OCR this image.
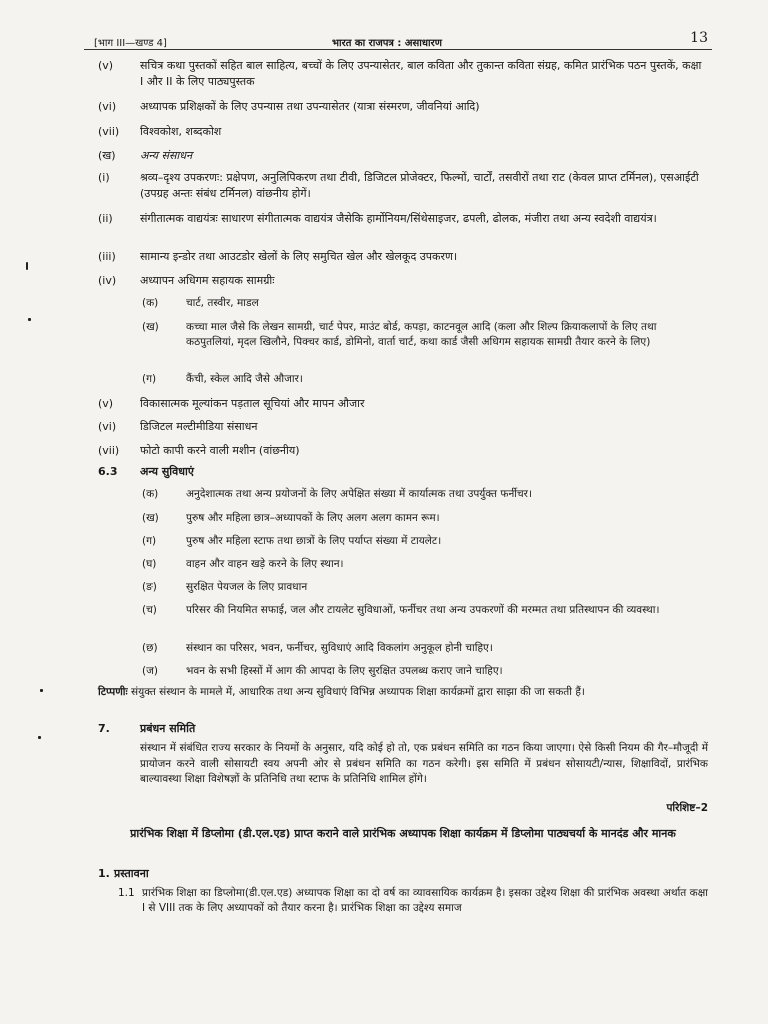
[भाग III—खण्ड 4]	भारत का राजपत्र : असाधारण	13
(v) सचित्र कथा पुस्तकों सहित बाल साहित्य, बच्चों के लिए उपन्यासेतर, बाल कविता और तुकान्त कविता संग्रह, कमित प्रारंभिक पठन पुस्तकें, कक्षा I और II के लिए पाठ्यपुस्तक
(vi) अध्यापक प्रशिक्षकों के लिए उपन्यास तथा उपन्यासेतर (यात्रा संस्मरण, जीवनियां आदि)
(vii) विश्वकोश, शब्दकोश
(ख) अन्य संसाधन
(i)	श्रव्य–दृश्य उपकरणः: प्रक्षेपण, अनुलिपिकरण तथा टीवी, डिजिटल प्रोजेक्टर, फिल्मों, चार्टों, तसवीरों तथा राट (केवल प्राप्त टर्मिनल), एसआईटी (उपग्रह अन्तः संबंध टर्मिनल) वांछनीय होगें।
(ii) संगीतात्मक वाद्ययंत्रः साधारण संगीतात्मक वाद्ययंत्र जैसेकि हार्मोनियम/सिंथेसाइजर, ढपली, ढोलक, मंजीरा तथा अन्य स्वदेशी वाद्ययंत्र।
(iii) सामान्य इन्डोर तथा आउटडोर खेलों के लिए समुचित खेल और खेलकूद उपकरण।
(iv) अध्यापन अधिगम सहायक सामग्रीः
(क)	चार्ट, तस्वीर, माडल
(ख)	कच्चा माल जैसे कि लेखन सामग्री, चार्ट पेपर, माउंट बोर्ड, कपड़ा, काटनवूल आदि (कला और शिल्प क्रियाकलापों के लिए तथा कठपुतलियां, मृदल खिलौने, पिक्चर कार्ड, डोमिनो, वार्ता चार्ट, कथा कार्ड जैसी अधिगम सहायक सामग्री तैयार करने के लिए)
(ग)	कैंची, स्केल आदि जैसे औजार।
(v) विकासात्मक मूल्यांकन पड़ताल सूचियां और मापन औजार
(vi) डिजिटल मल्टीमीडिया संसाधन
(vii) फोटो कापी करने वाली मशीन (वांछनीय)
6.3 अन्य सुविधाएं
(क)	अनुदेशात्मक तथा अन्य प्रयोजनों के लिए अपेक्षित संख्या में कार्यात्मक तथा उपर्युक्त फर्नीचर।
(ख)	पुरुष और महिला छात्र–अध्यापकों के लिए अलग अलग कामन रूम।
(ग)	पुरुष और महिला स्टाफ तथा छात्रों के लिए पर्याप्त संख्या में टायलेट।
(घ)	वाहन और वाहन खड़े करने के लिए स्थान।
(ङ)	सुरक्षित पेयजल के लिए प्रावधान
(च)	परिसर की नियमित सफाई, जल और टायलेट सुविधाओं, फर्नीचर तथा अन्य उपकरणों की मरम्मत तथा प्रतिस्थापन की व्यवस्था।
(छ)	संस्थान का परिसर, भवन, फर्नीचर, सुविधाएं आदि विकलांग अनुकूल होनी चाहिए।
(ज)	भवन के सभी हिस्सों में आग की आपदा के लिए सुरक्षित उपलब्ध कराए जाने चाहिए।
टिप्पणीः संयुक्त संस्थान के मामले में, आधारिक तथा अन्य सुविधाएं विभिन्न अध्यापक शिक्षा कार्यक्रमों द्वारा साझा की जा सकती हैं।
7.	प्रबंधन समिति
संस्थान में संबंधित राज्य सरकार के नियमों के अनुसार, यदि कोई हो तो, एक प्रबंधन समिति का गठन किया जाएगा। ऐसे किसी नियम की गैर–मौजूदी में प्रायोजन करने वाली सोसायटी स्वय अपनी ओर से प्रबंधन समिति का गठन करेगी। इस समिति में प्रबंधन सोसायटी/न्यास, शिक्षाविदों, प्रारंभिक बाल्यावस्था शिक्षा विशेषज्ञों के प्रतिनिधि तथा स्टाफ के प्रतिनिधि शामिल होंगे।
परिशिष्ट–2
प्रारंभिक शिक्षा में डिप्लोमा (डी.एल.एड) प्राप्त कराने वाले प्रारंभिक अध्यापक शिक्षा कार्यक्रम में डिप्लोमा पाठ्यचर्या के मानदंड और मानक
1. प्रस्तावना
1.1 प्रारंभिक शिक्षा का डिप्लोमा(डी.एल.एड) अध्यापक शिक्षा का दो वर्ष का व्यावसायिक कार्यक्रम है। इसका उद्देश्य शिक्षा की प्रारंभिक अवस्था अर्थात कक्षा I से VIII तक के लिए अध्यापकों को तैयार करना है। प्रारंभिक शिक्षा का उद्देश्य समाज
